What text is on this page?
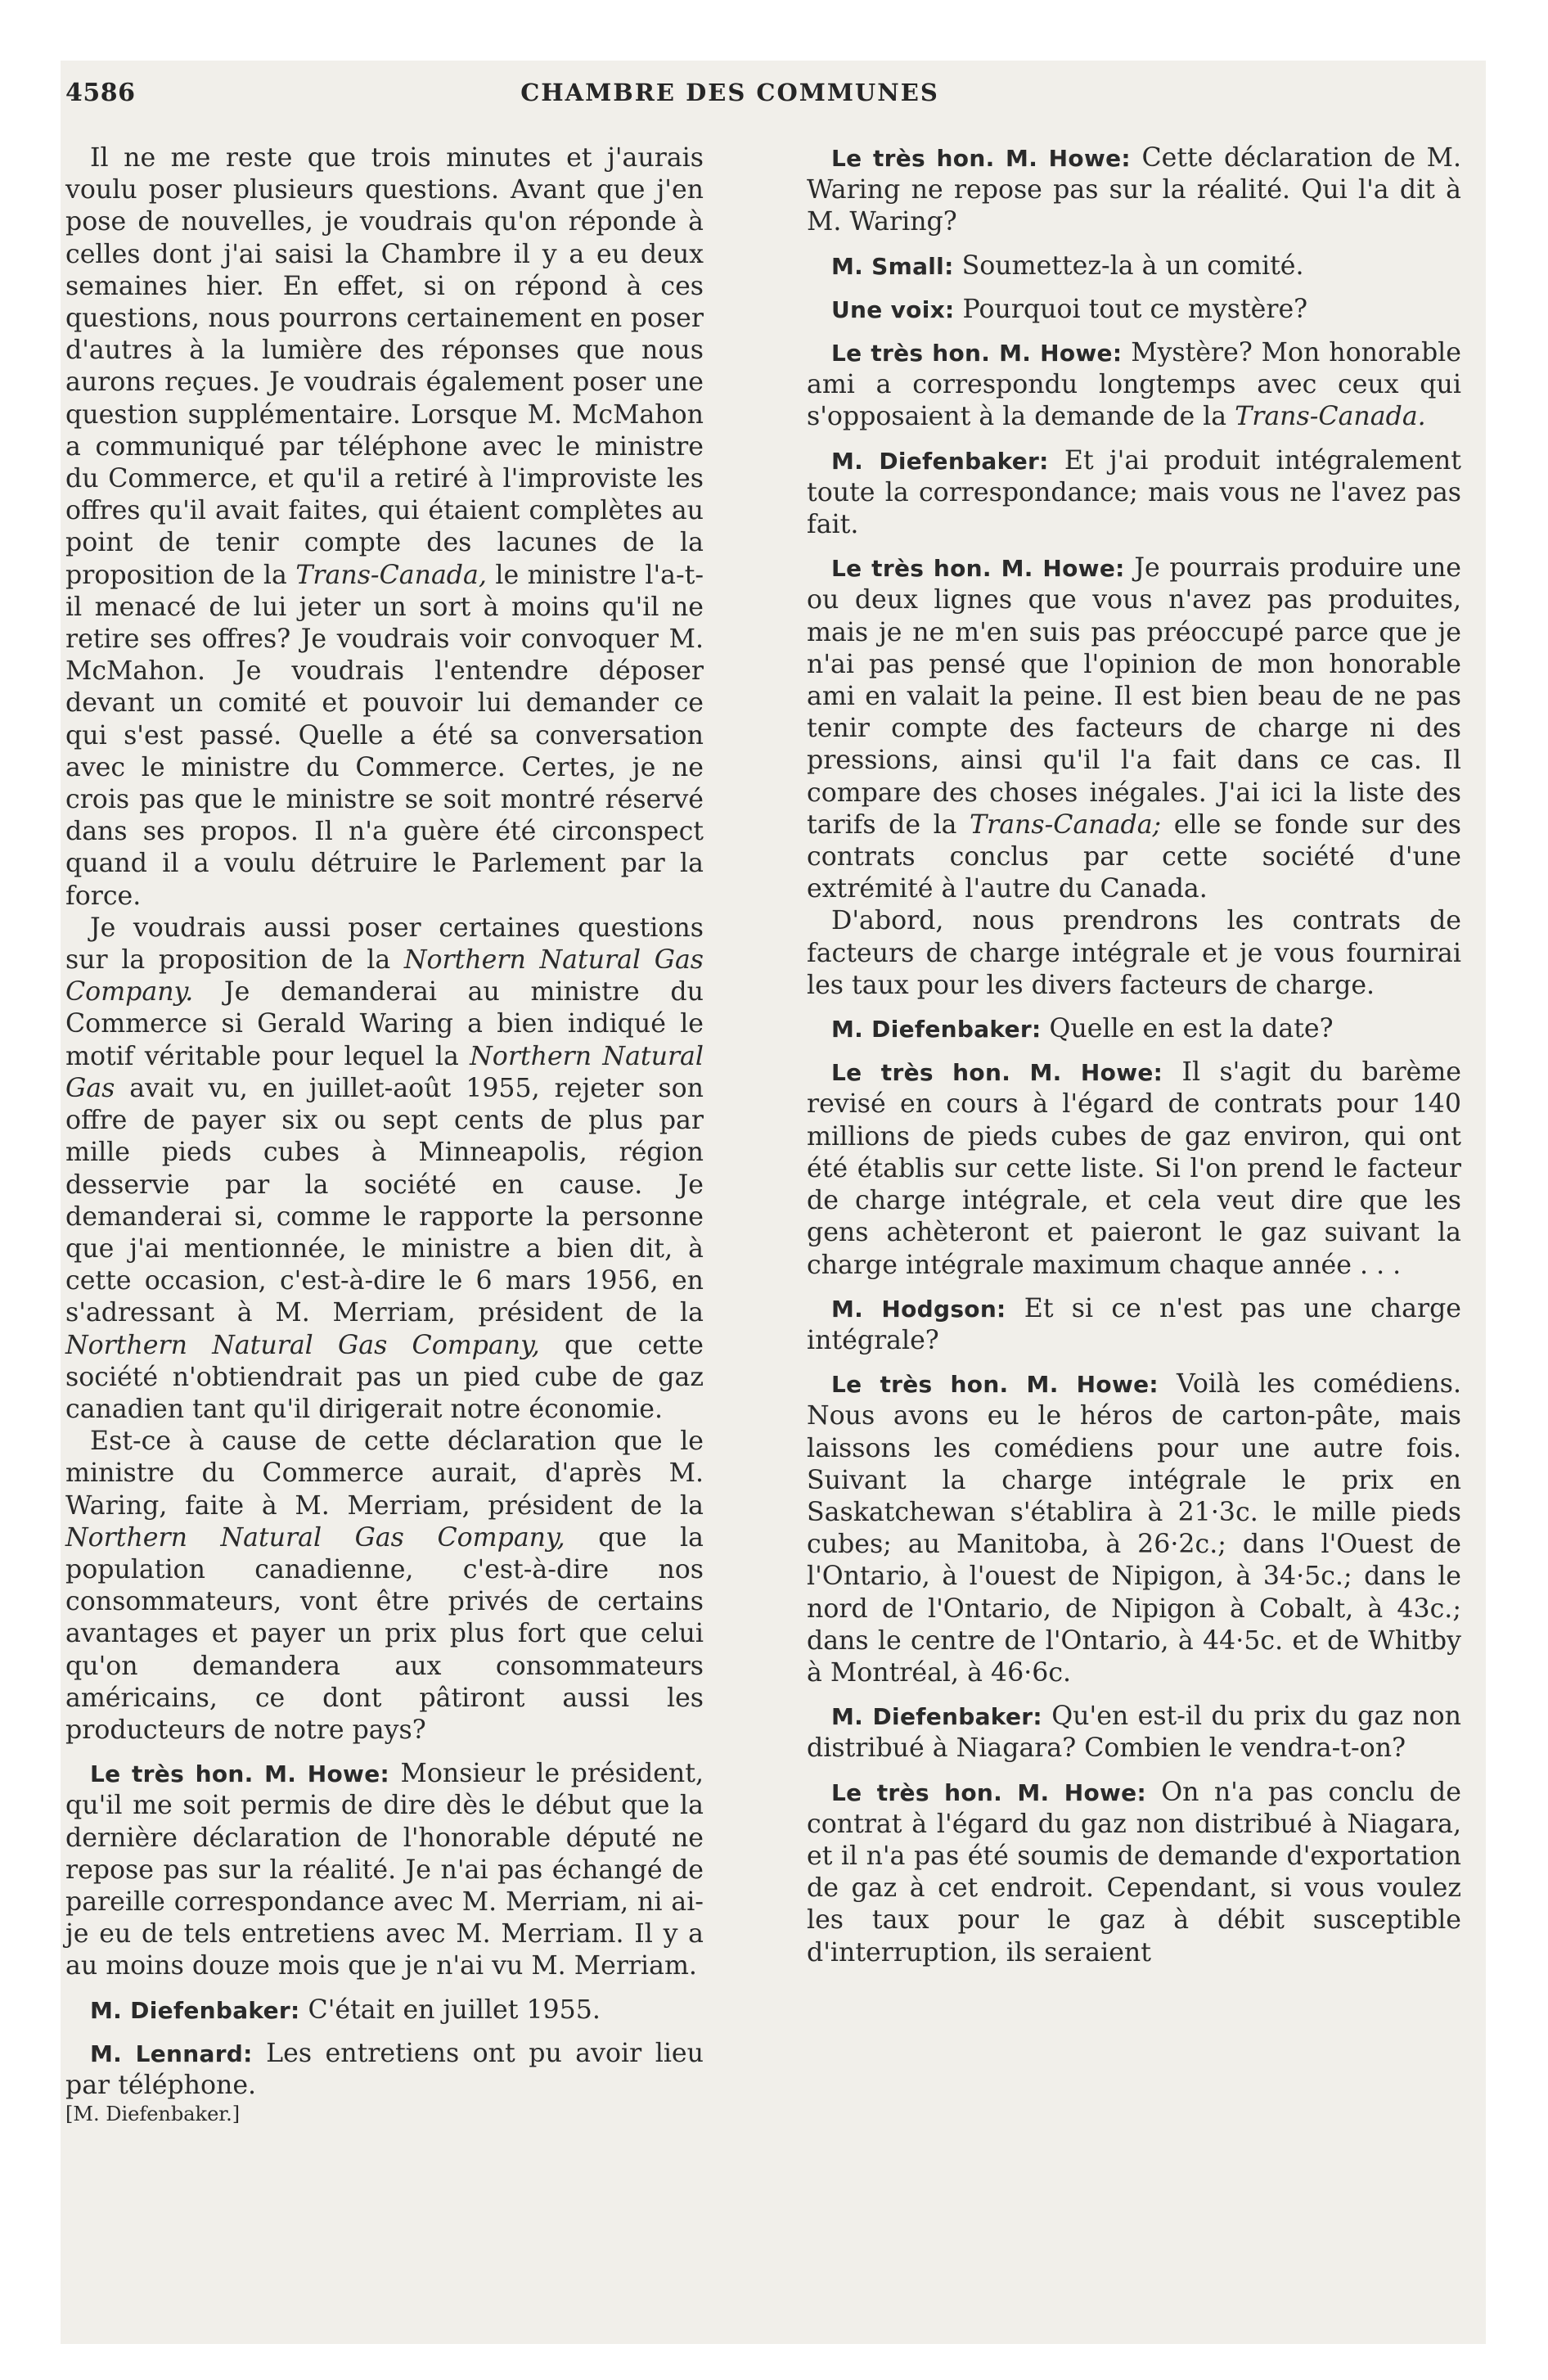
4586	CHAMBRE DES COMMUNES

Il ne me reste que trois minutes et j'aurais voulu poser plusieurs questions. Avant que j'en pose de nouvelles, je voudrais qu'on réponde à celles dont j'ai saisi la Chambre il y a eu deux semaines hier. En effet, si on répond à ces questions, nous pourrons certainement en poser d'autres à la lumière des réponses que nous aurons reçues. Je voudrais également poser une question supplémentaire. Lorsque M. McMahon a communiqué par téléphone avec le ministre du Commerce, et qu'il a retiré à l'improviste les offres qu'il avait faites, qui étaient complètes au point de tenir compte des lacunes de la proposition de la Trans-Canada, le ministre l'a-t-il menacé de lui jeter un sort à moins qu'il ne retire ses offres? Je voudrais voir convoquer M. McMahon. Je voudrais l'entendre déposer devant un comité et pouvoir lui demander ce qui s'est passé. Quelle a été sa conversation avec le ministre du Commerce. Certes, je ne crois pas que le ministre se soit montré réservé dans ses propos. Il n'a guère été circonspect quand il a voulu détruire le Parlement par la force.

Je voudrais aussi poser certaines questions sur la proposition de la Northern Natural Gas Company. Je demanderai au ministre du Commerce si Gerald Waring a bien indiqué le motif véritable pour lequel la Northern Natural Gas avait vu, en juillet-août 1955, rejeter son offre de payer six ou sept cents de plus par mille pieds cubes à Minneapolis, région desservie par la société en cause. Je demanderai si, comme le rapporte la personne que j'ai mentionnée, le ministre a bien dit, à cette occasion, c'est-à-dire le 6 mars 1956, en s'adressant à M. Merriam, président de la Northern Natural Gas Company, que cette société n'obtiendrait pas un pied cube de gaz canadien tant qu'il dirigerait notre économie.

Est-ce à cause de cette déclaration que le ministre du Commerce aurait, d'après M. Waring, faite à M. Merriam, président de la Northern Natural Gas Company, que la population canadienne, c'est-à-dire nos consommateurs, vont être privés de certains avantages et payer un prix plus fort que celui qu'on demandera aux consommateurs américains, ce dont pâtiront aussi les producteurs de notre pays?

Le très hon. M. Howe: Monsieur le président, qu'il me soit permis de dire dès le début que la dernière déclaration de l'honorable député ne repose pas sur la réalité. Je n'ai pas échangé de pareille correspondance avec M. Merriam, ni ai-je eu de tels entretiens avec M. Merriam. Il y a au moins douze mois que je n'ai vu M. Merriam.

M. Diefenbaker: C'était en juillet 1955.

M. Lennard: Les entretiens ont pu avoir lieu par téléphone.

[M. Diefenbaker.]

Le très hon. M. Howe: Cette déclaration de M. Waring ne repose pas sur la réalité. Qui l'a dit à M. Waring?

M. Small: Soumettez-la à un comité.

Une voix: Pourquoi tout ce mystère?

Le très hon. M. Howe: Mystère? Mon honorable ami a correspondu longtemps avec ceux qui s'opposaient à la demande de la Trans-Canada.

M. Diefenbaker: Et j'ai produit intégralement toute la correspondance; mais vous ne l'avez pas fait.

Le très hon. M. Howe: Je pourrais produire une ou deux lignes que vous n'avez pas produites, mais je ne m'en suis pas préoccupé parce que je n'ai pas pensé que l'opinion de mon honorable ami en valait la peine. Il est bien beau de ne pas tenir compte des facteurs de charge ni des pressions, ainsi qu'il l'a fait dans ce cas. Il compare des choses inégales. J'ai ici la liste des tarifs de la Trans-Canada; elle se fonde sur des contrats conclus par cette société d'une extrémité à l'autre du Canada.

D'abord, nous prendrons les contrats de facteurs de charge intégrale et je vous fournirai les taux pour les divers facteurs de charge.

M. Diefenbaker: Quelle en est la date?

Le très hon. M. Howe: Il s'agit du barème revisé en cours à l'égard de contrats pour 140 millions de pieds cubes de gaz environ, qui ont été établis sur cette liste. Si l'on prend le facteur de charge intégrale, et cela veut dire que les gens achèteront et paieront le gaz suivant la charge intégrale maximum chaque année . . .

M. Hodgson: Et si ce n'est pas une charge intégrale?

Le très hon. M. Howe: Voilà les comédiens. Nous avons eu le héros de carton-pâte, mais laissons les comédiens pour une autre fois. Suivant la charge intégrale le prix en Saskatchewan s'établira à 21·3c. le mille pieds cubes; au Manitoba, à 26·2c.; dans l'Ouest de l'Ontario, à l'ouest de Nipigon, à 34·5c.; dans le nord de l'Ontario, de Nipigon à Cobalt, à 43c.; dans le centre de l'Ontario, à 44·5c. et de Whitby à Montréal, à 46·6c.

M. Diefenbaker: Qu'en est-il du prix du gaz non distribué à Niagara? Combien le vendra-t-on?

Le très hon. M. Howe: On n'a pas conclu de contrat à l'égard du gaz non distribué à Niagara, et il n'a pas été soumis de demande d'exportation de gaz à cet endroit. Cependant, si vous voulez les taux pour le gaz à débit susceptible d'interruption, ils seraient
